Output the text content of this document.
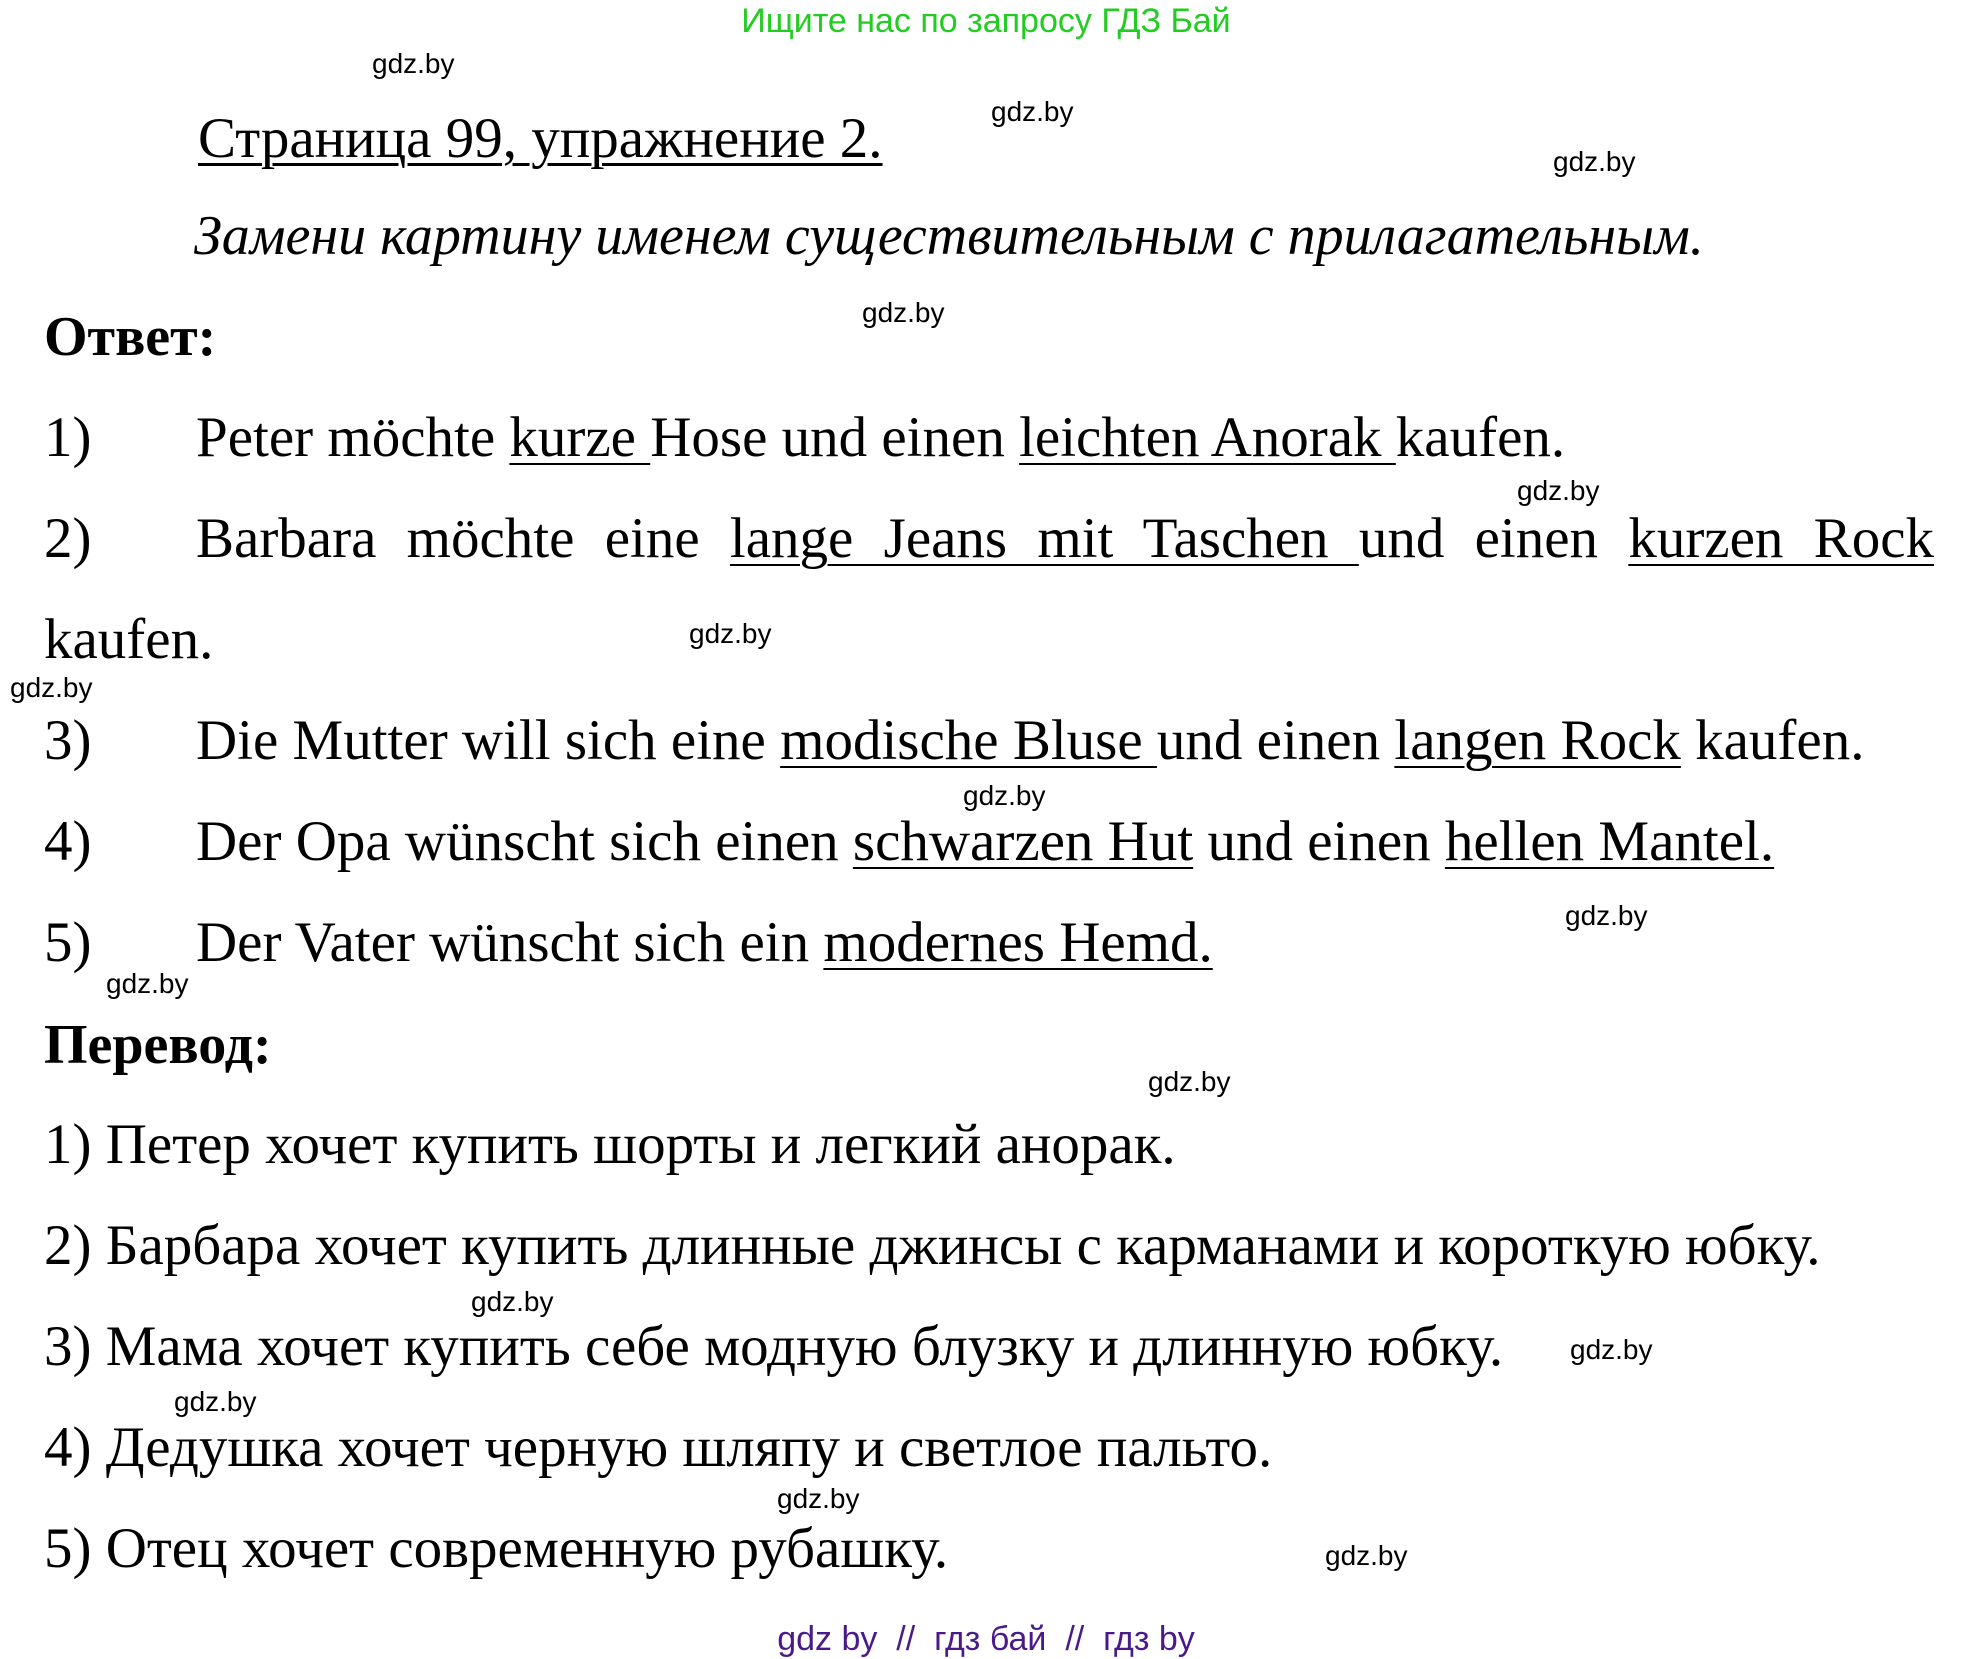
Ищите нас по запросу ГДЗ Бай
Страница 99, упражнение 2.
Замени картину именем существительным с прилагательным.
Ответ:
1) Peter möchte kurze Hose und einen leichten Anorak kaufen.
2) Barbara möchte eine lange Jeans mit Taschen und einen kurzen Rock
kaufen.
3) Die Mutter will sich eine modische Bluse und einen langen Rock kaufen.
4) Der Opa wünscht sich einen schwarzen Hut und einen hellen Mantel.
5) Der Vater wünscht sich ein modernes Hemd.
Перевод:
1) Петер хочет купить шорты и легкий анорак.
2) Барбара хочет купить длинные джинсы с карманами и короткую юбку.
3) Мама хочет купить себе модную блузку и длинную юбку.
4) Дедушка хочет черную шляпу и светлое пальто.
5) Отец хочет современную рубашку.
gdz.by
gdz.by
gdz.by
gdz.by
gdz.by
gdz.by
gdz.by
gdz.by
gdz.by
gdz.by
gdz.by
gdz.by
gdz.by
gdz.by
gdz.by
gdz.by
gdz by  //  гдз бай  //  гдз by
